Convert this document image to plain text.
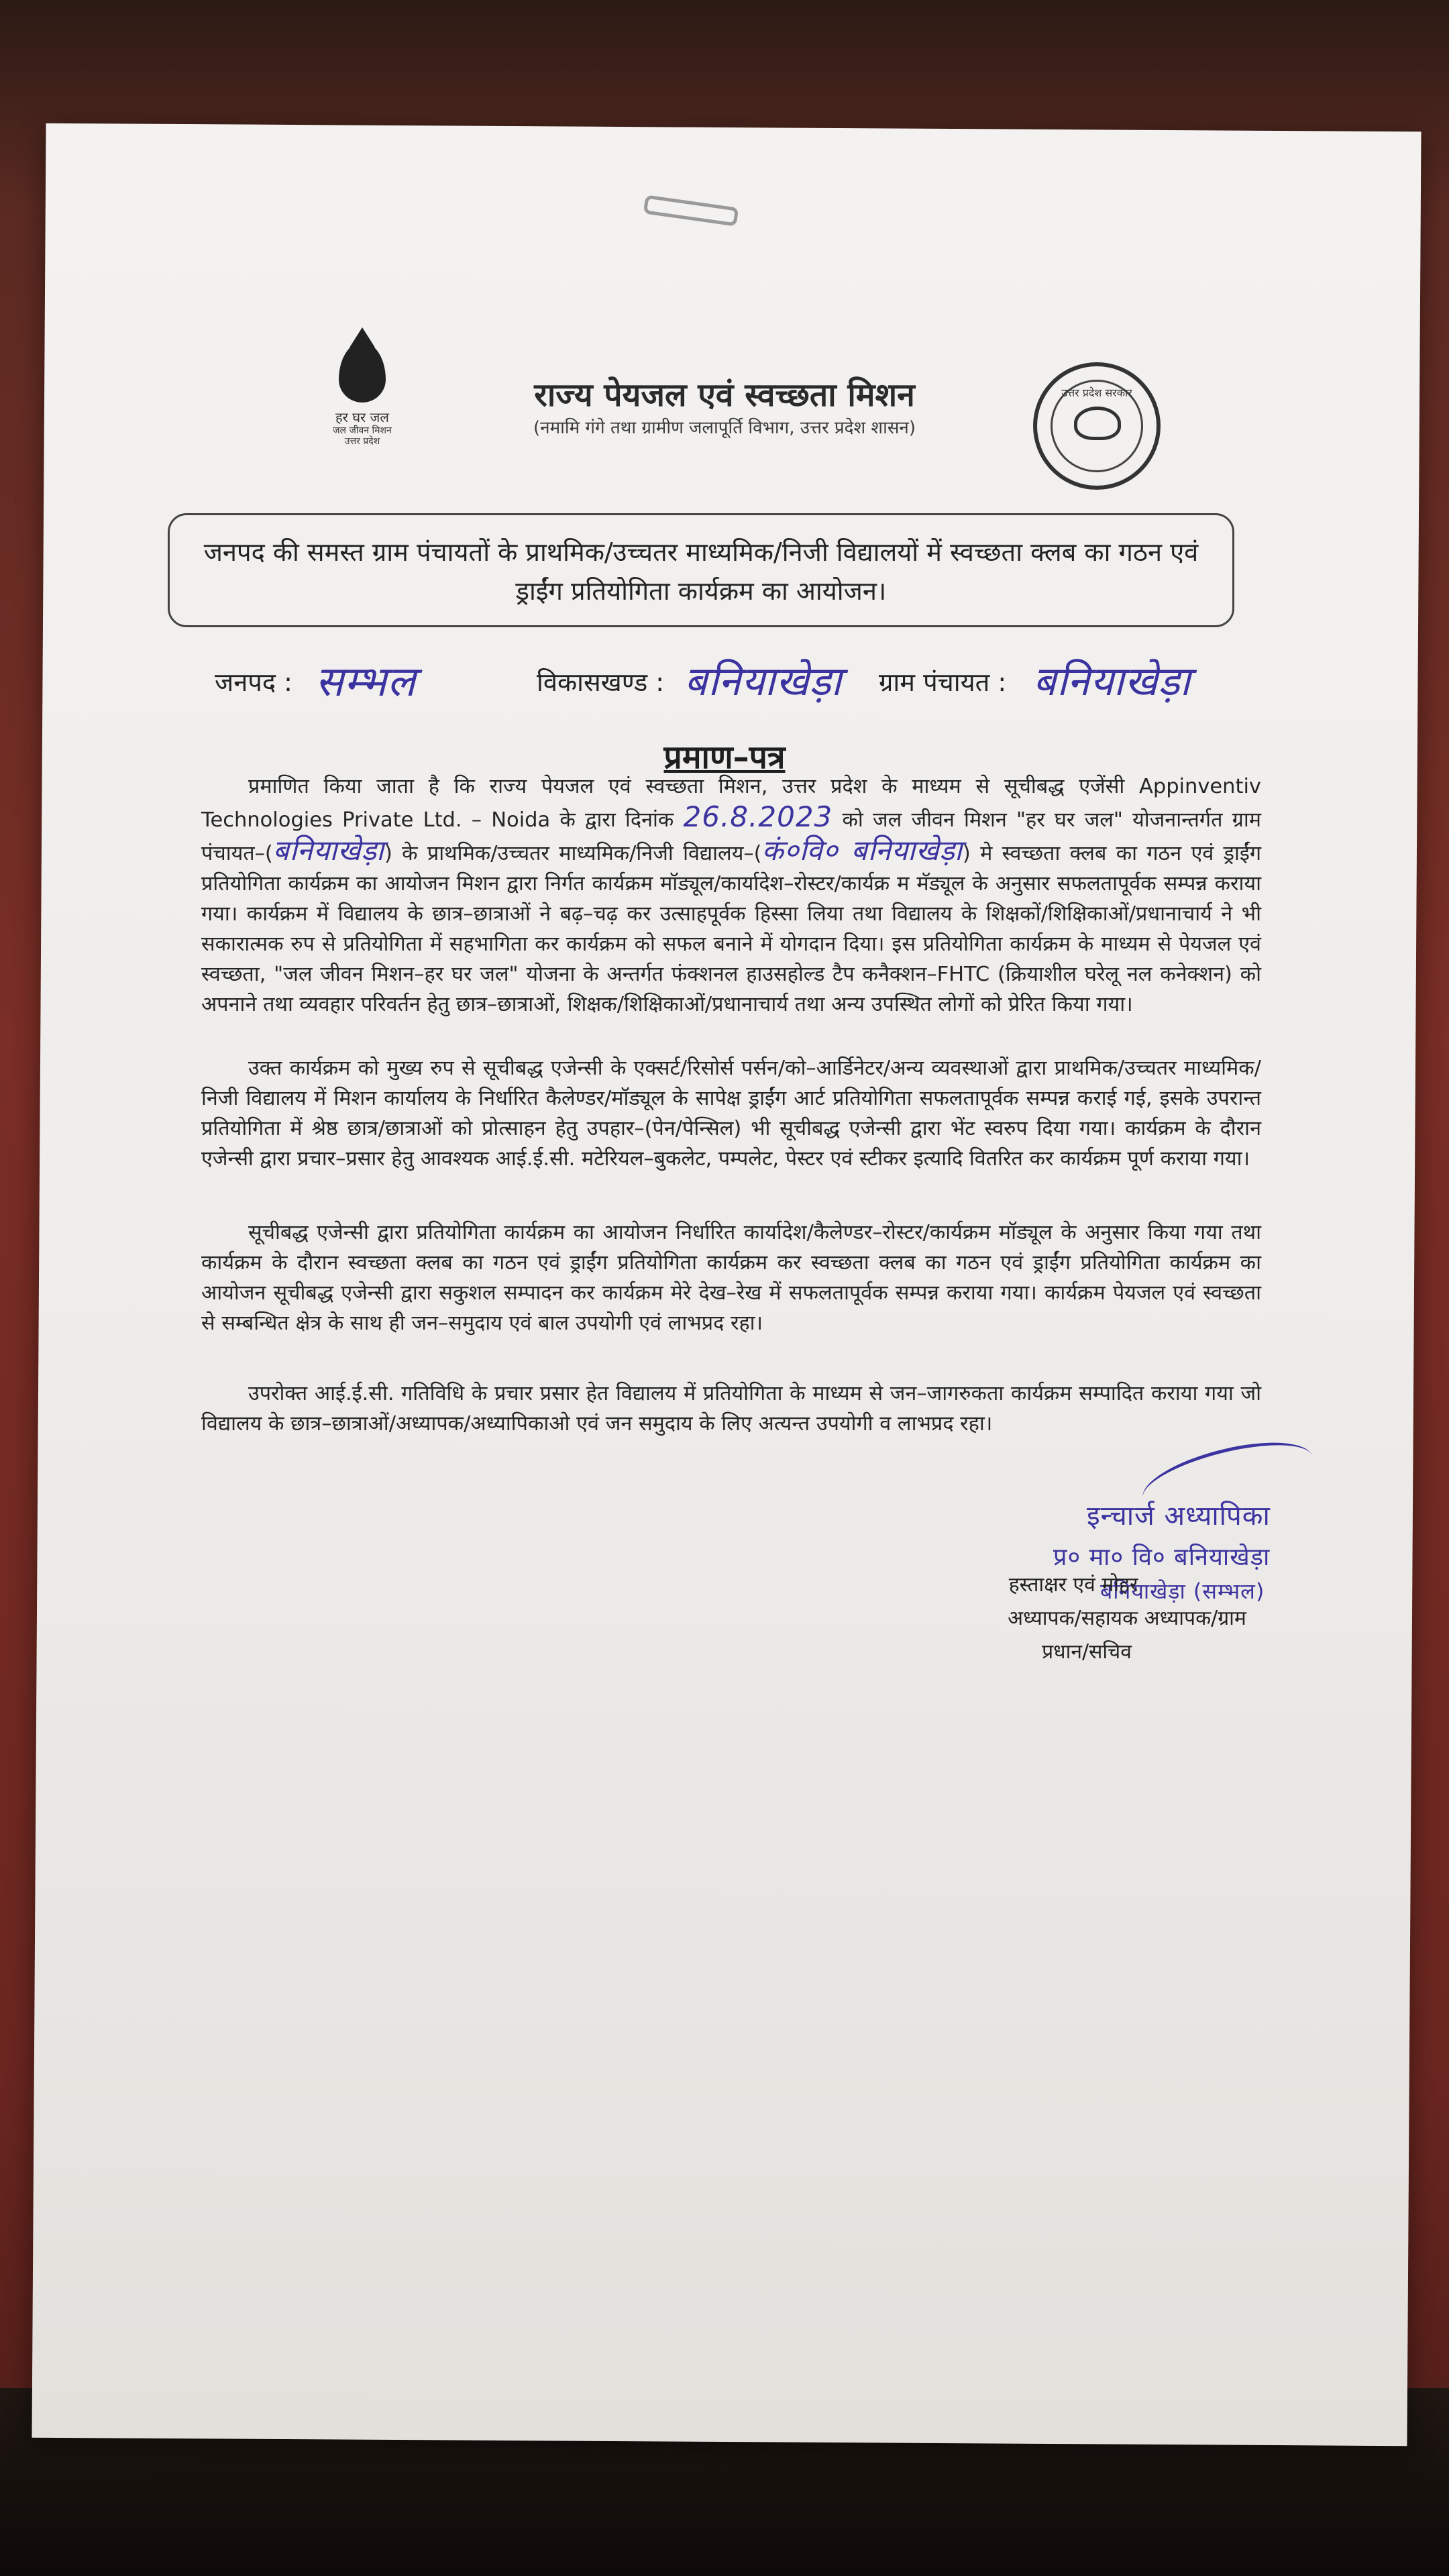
हर घर जल
जल जीवन मिशन
उत्तर प्रदेश
राज्य पेयजल एवं स्वच्छता मिशन
(नमामि गंगे तथा ग्रामीण जलापूर्ति विभाग, उत्तर प्रदेश शासन)
उत्तर प्रदेश सरकार
जनपद की समस्त ग्राम पंचायतों के प्राथमिक/उच्चतर माध्यमिक/निजी विद्यालयों में स्वच्छता क्लब का गठन एवं ड्राईंग प्रतियोगिता कार्यक्रम का आयोजन।
जनपद : सम्भल	विकासखण्ड : बनियाखेड़ा ग्राम पंचायत : बनियाखेड़ा
प्रमाण–पत्र
प्रमाणित किया जाता है कि राज्य पेयजल एवं स्वच्छता मिशन, उत्तर प्रदेश के माध्यम से सूचीबद्ध एजेंसी Appinventiv Technologies Private Ltd. – Noida के द्वारा दिनांक 26.8.2023 को जल जीवन मिशन "हर घर जल" योजनान्तर्गत ग्राम पंचायत–(बनियाखेड़ा) के प्राथमिक/उच्चतर माध्यमिक/निजी विद्यालय–(कं०वि० बनियाखेड़ा) मे स्वच्छता क्लब का गठन एवं ड्राईंग प्रतियोगिता कार्यक्रम का आयोजन मिशन द्वारा निर्गत कार्यक्रम मॉड्यूल/कार्यादेश–रोस्टर/कार्यक्र म मॅड्यूल के अनुसार सफलतापूर्वक सम्पन्न कराया गया। कार्यक्रम में विद्यालय के छात्र–छात्राओं ने बढ़–चढ़ कर उत्साहपूर्वक हिस्सा लिया तथा विद्यालय के शिक्षकों/शिक्षिकाओं/प्रधानाचार्य ने भी सकारात्मक रुप से प्रतियोगिता में सहभागिता कर कार्यक्रम को सफल बनाने में योगदान दिया। इस प्रतियोगिता कार्यक्रम के माध्यम से पेयजल एवं स्वच्छता, "जल जीवन मिशन–हर घर जल" योजना के अन्तर्गत फंक्शनल हाउसहोल्ड टैप कनैक्शन–FHTC (क्रियाशील घरेलू नल कनेक्शन) को अपनाने तथा व्यवहार परिवर्तन हेतु छात्र–छात्राओं, शिक्षक/शिक्षिकाओं/प्रधानाचार्य तथा अन्य उपस्थित लोगों को प्रेरित किया गया।
उक्त कार्यक्रम को मुख्य रुप से सूचीबद्ध एजेन्सी के एक्सर्ट/रिसोर्स पर्सन/को–आर्डिनेटर/अन्य व्यवस्थाओं द्वारा प्राथमिक/उच्चतर माध्यमिक/निजी विद्यालय में मिशन कार्यालय के निर्धारित कैलेण्डर/मॉड्यूल के सापेक्ष ड्राईंग आर्ट प्रतियोगिता सफलतापूर्वक सम्पन्न कराई गई, इसके उपरान्त प्रतियोगिता में श्रेष्ठ छात्र/छात्राओं को प्रोत्साहन हेतु उपहार–(पेन/पेन्सिल) भी सूचीबद्ध एजेन्सी द्वारा भेंट स्वरुप दिया गया। कार्यक्रम के दौरान एजेन्सी द्वारा प्रचार–प्रसार हेतु आवश्यक आई.ई.सी. मटेरियल–बुकलेट, पम्पलेट, पेस्टर एवं स्टीकर इत्यादि वितरित कर कार्यक्रम पूर्ण कराया गया।
सूचीबद्ध एजेन्सी द्वारा प्रतियोगिता कार्यक्रम का आयोजन निर्धारित कार्यादेश/कैलेण्डर–रोस्टर/कार्यक्रम मॉड्यूल के अनुसार किया गया तथा कार्यक्रम के दौरान स्वच्छता क्लब का गठन एवं ड्राईंग प्रतियोगिता कार्यक्रम कर स्वच्छता क्लब का गठन एवं ड्राईंग प्रतियोगिता कार्यक्रम का आयोजन सूचीबद्ध एजेन्सी द्वारा सकुशल सम्पादन कर कार्यक्रम मेरे देख–रेख में सफलतापूर्वक सम्पन्न कराया गया। कार्यक्रम पेयजल एवं स्वच्छता से सम्बन्धित क्षेत्र के साथ ही जन–समुदाय एवं बाल उपयोगी एवं लाभप्रद रहा।
उपरोक्त आई.ई.सी. गतिविधि के प्रचार प्रसार हेत विद्यालय में प्रतियोगिता के माध्यम से जन–जागरुकता कार्यक्रम सम्पादित कराया गया जो विद्यालय के छात्र–छात्राओं/अध्यापक/अध्यापिकाओ एवं जन समुदाय के लिए अत्यन्त उपयोगी व लाभप्रद रहा।
इन्चार्ज अध्यापिका
प्र० मा० वि० बनियाखेड़ा
बनियाखेड़ा (सम्भल)
हस्ताक्षर एवं मोहर
अध्यापक/सहायक अध्यापक/ग्राम
प्रधान/सचिव
